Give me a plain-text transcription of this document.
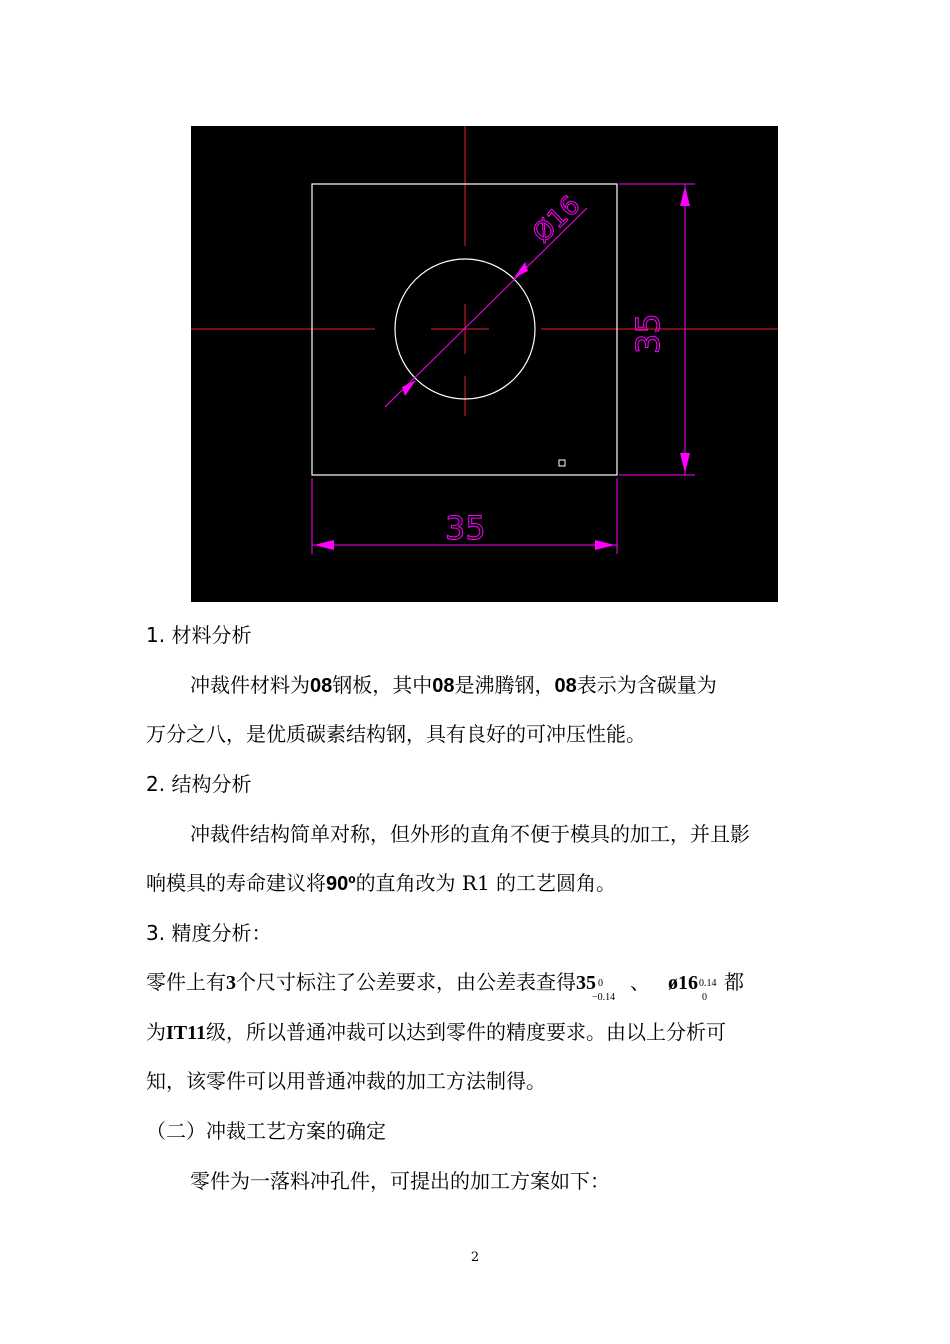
Ø16
35
35
1. 材料分析
冲裁件材料为08钢板，其中08是沸腾钢，08表示为含碳量为
万分之八，是优质碳素结构钢，具有良好的可冲压性能。
2. 结构分析
冲裁件结构简单对称，但外形的直角不便于模具的加工，并且影
响模具的寿命建议将90º的直角改为 R1 的工艺圆角。
3. 精度分析：
零件上有3个尺寸标注了公差要求，由公差表查得35 0
−0.14
、 ø16 0.14
0
都
为IT11级，所以普通冲裁可以达到零件的精度要求。由以上分析可
知，该零件可以用普通冲裁的加工方法制得。
（二）冲裁工艺方案的确定
零件为一落料冲孔件，可提出的加工方案如下：
2
